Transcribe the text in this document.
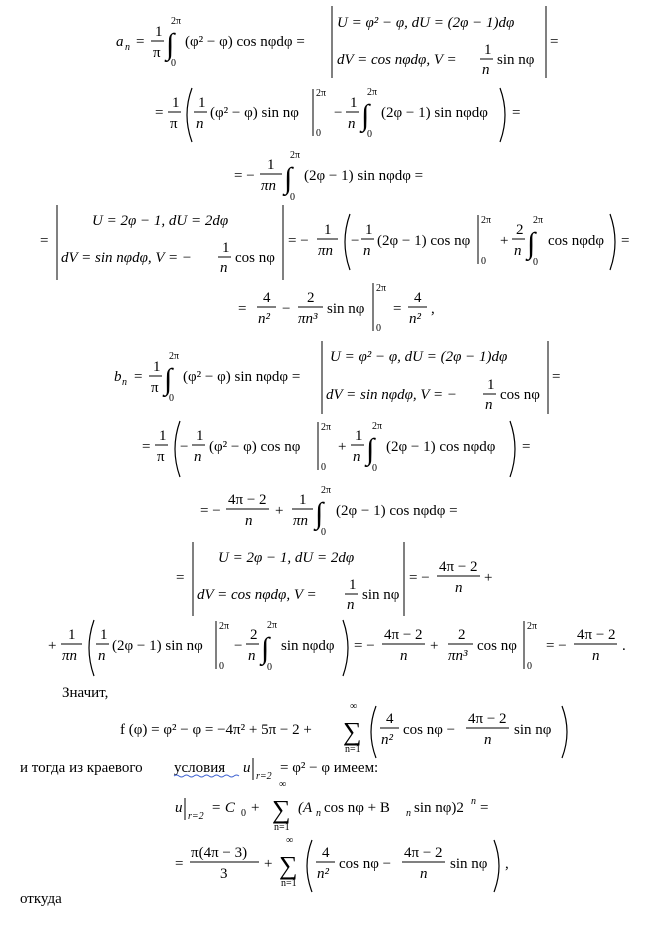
a n =
1
π ∫
2π
0
(φ² − φ) cos nφdφ =
U = φ² − φ, dU = (2φ − 1)dφ
dV = cos nφdφ, V =
1
n
sin nφ
=
=
1
π
1
n
(φ² − φ) sin nφ
2π
0
−
1
n ∫
2π
0
(2φ − 1) sin nφdφ =
= −
1
πn ∫
2π
0
(2φ − 1) sin nφdφ =
=
U = 2φ − 1, dU = 2dφ
dV = sin nφdφ, V = −
1
n
cos nφ
= −
1
πn
−
1
n
(2φ − 1) cos nφ
2π
0
+
2
n ∫
2π
0
cos nφdφ =
=
4
n²
−
2
πn³
sin nφ
2π
0
=
4
n²
,
b n =
1
π ∫
2π
0
(φ² − φ) sin nφdφ =
U = φ² − φ, dU = (2φ − 1)dφ
dV = sin nφdφ, V = −
1
n
cos nφ
=
=
1
π
−
1
n
(φ² − φ) cos nφ
2π
0
+
1
n ∫
2π
0
(2φ − 1) cos nφdφ =
= −
4π − 2
n
+
1
πn ∫
2π
0
(2φ − 1) cos nφdφ =
=
U = 2φ − 1, dU = 2dφ
dV = cos nφdφ, V =
1
n
sin nφ
= −
4π − 2
n
+
+
1
πn
1
n
(2φ − 1) sin nφ
2π
0
−
2
n ∫
2π
0
sin nφdφ = −
4π − 2
n
+
2
πn³
cos nφ
2π
0
= −
4π − 2
n
.
Значит,
f (φ) = φ² − φ = −4π² + 5π − 2 + ∑
∞
n=1
4
n²
cos nφ −
4π − 2
n
sin nφ
и тогда из краевого условия u
r=2
= φ² − φ имеем:
u
r=2
= C 0 + ∑
∞
n=1
(A n cos nφ + B n sin nφ)2 n =
=
π(4π − 3)
3
+ ∑
∞
n=1
4
n²
cos nφ −
4π − 2
n
sin nφ ,
откуда
